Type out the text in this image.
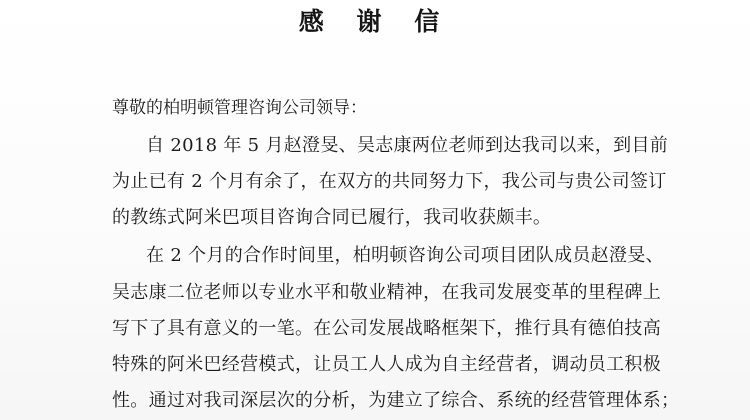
感 谢 信
尊敬的柏明顿管理咨询公司领导：
自 2018 年 5 月赵澄旻、吴志康两位老师到达我司以来，到目前
为止已有 2 个月有余了，在双方的共同努力下，我公司与贵公司签订
的教练式阿米巴项目咨询合同已履行，我司收获颇丰。
在 2 个月的合作时间里，柏明顿咨询公司项目团队成员赵澄旻、
吴志康二位老师以专业水平和敬业精神，在我司发展变革的里程碑上
写下了具有意义的一笔。在公司发展战略框架下，推行具有德伯技高
特殊的阿米巴经营模式，让员工人人成为自主经营者，调动员工积极
性。通过对我司深层次的分析，为建立了综合、系统的经营管理体系；
